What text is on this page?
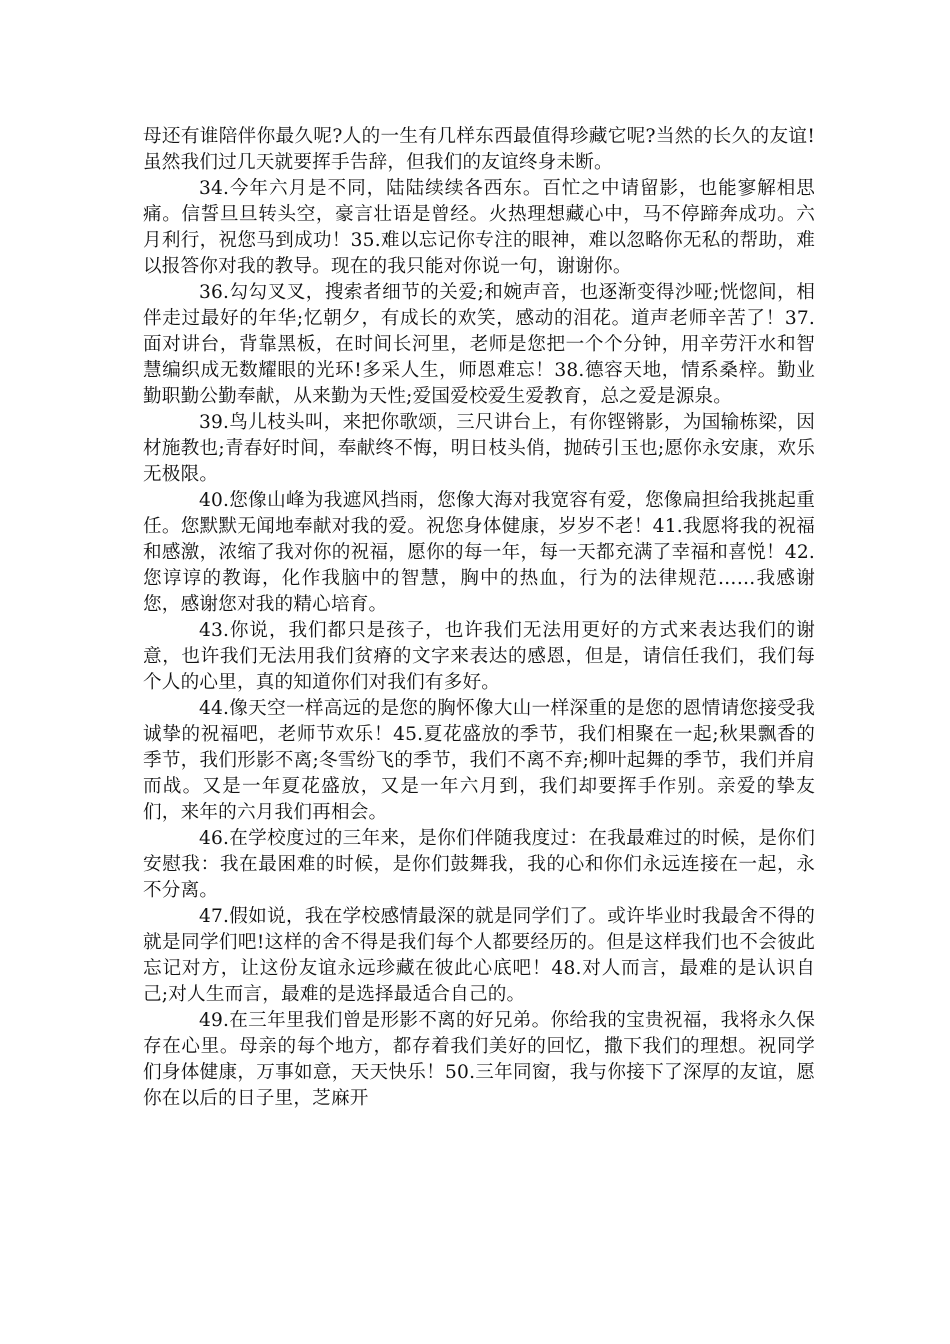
母还有谁陪伴你最久呢?人的一生有几样东西最值得珍藏它呢?当然的长久的友谊!虽然我们过几天就要挥手告辞，但我们的友谊终身未断。

34.今年六月是不同，陆陆续续各西东。百忙之中请留影，也能寥解相思痛。信誓旦旦转头空，豪言壮语是曾经。火热理想藏心中，马不停蹄奔成功。六月利行，祝您马到成功！35.难以忘记你专注的眼神，难以忽略你无私的帮助，难以报答你对我的教导。现在的我只能对你说一句，谢谢你。

36.勾勾叉叉，搜索者细节的关爱;和婉声音，也逐渐变得沙哑;恍惚间，相伴走过最好的年华;忆朝夕，有成长的欢笑，感动的泪花。道声老师辛苦了！37.面对讲台，背靠黑板，在时间长河里，老师是您把一个个分钟，用辛劳汗水和智慧编织成无数耀眼的光环!多采人生，师恩难忘！38.德容天地，情系桑梓。勤业勤职勤公勤奉献，从来勤为天性;爱国爱校爱生爱教育，总之爱是源泉。

39.鸟儿枝头叫，来把你歌颂，三尺讲台上，有你铿锵影，为国输栋梁，因材施教也;青春好时间，奉献终不悔，明日枝头俏，抛砖引玉也;愿你永安康，欢乐无极限。

40.您像山峰为我遮风挡雨，您像大海对我宽容有爱，您像扁担给我挑起重任。您默默无闻地奉献对我的爱。祝您身体健康，岁岁不老！41.我愿将我的祝福和感激，浓缩了我对你的祝福，愿你的每一年，每一天都充满了幸福和喜悦！42.您谆谆的教诲，化作我脑中的智慧，胸中的热血，行为的法律规范……我感谢您，感谢您对我的精心培育。

43.你说，我们都只是孩子，也许我们无法用更好的方式来表达我们的谢意，也许我们无法用我们贫瘠的文字来表达的感恩，但是，请信任我们，我们每个人的心里，真的知道你们对我们有多好。

44.像天空一样高远的是您的胸怀像大山一样深重的是您的恩情请您接受我诚挚的祝福吧，老师节欢乐！45.夏花盛放的季节，我们相聚在一起;秋果飘香的季节，我们形影不离;冬雪纷飞的季节，我们不离不弃;柳叶起舞的季节，我们并肩而战。又是一年夏花盛放，又是一年六月到，我们却要挥手作别。亲爱的挚友们，来年的六月我们再相会。

46.在学校度过的三年来，是你们伴随我度过：在我最难过的时候，是你们安慰我：我在最困难的时候，是你们鼓舞我，我的心和你们永远连接在一起，永不分离。

47.假如说，我在学校感情最深的就是同学们了。或许毕业时我最舍不得的就是同学们吧!这样的舍不得是我们每个人都要经历的。但是这样我们也不会彼此忘记对方，让这份友谊永远珍藏在彼此心底吧！48.对人而言，最难的是认识自己;对人生而言，最难的是选择最适合自己的。

49.在三年里我们曾是形影不离的好兄弟。你给我的宝贵祝福，我将永久保存在心里。母亲的每个地方，都存着我们美好的回忆，撒下我们的理想。祝同学们身体健康，万事如意，天天快乐！50.三年同窗，我与你接下了深厚的友谊，愿你在以后的日子里，芝麻开
